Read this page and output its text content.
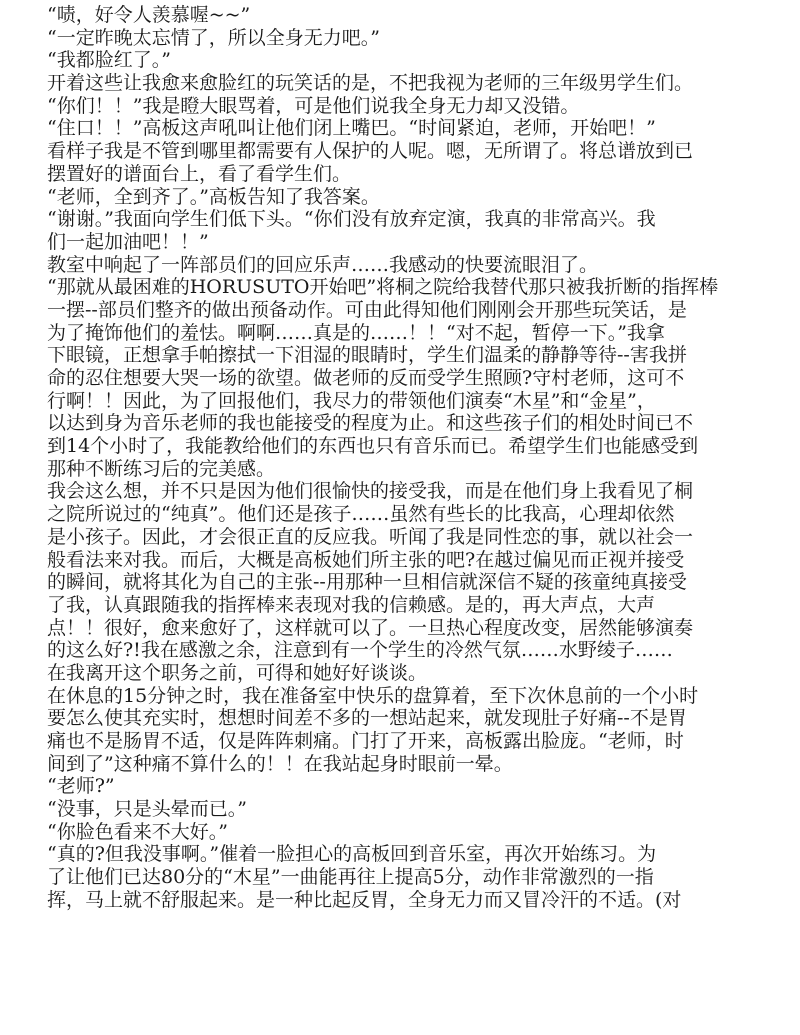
“啧，好令人羡慕喔~~”
“一定昨晚太忘情了，所以全身无力吧。”
“我都脸红了。”
开着这些让我愈来愈脸红的玩笑话的是，不把我视为老师的三年级男学生们。
“你们！！”我是瞪大眼骂着，可是他们说我全身无力却又没错。
“住口！！”高板这声吼叫让他们闭上嘴巴。“时间紧迫，老师，开始吧！”
看样子我是不管到哪里都需要有人保护的人呢。嗯，无所谓了。将总谱放到已
摆置好的谱面台上，看了看学生们。
“老师，全到齐了。”高板告知了我答案。
“谢谢。”我面向学生们低下头。“你们没有放弃定演，我真的非常高兴。我
们一起加油吧！！”
教室中响起了一阵部员们的回应乐声……我感动的快要流眼泪了。
“那就从最困难的HORUSUTO开始吧”将桐之院给我替代那只被我折断的指挥棒
一摆--部员们整齐的做出预备动作。可由此得知他们刚刚会开那些玩笑话，是
为了掩饰他们的羞怯。啊啊……真是的……！！“对不起，暂停一下。”我拿
下眼镜，正想拿手帕擦拭一下泪湿的眼睛时，学生们温柔的静静等待--害我拼
命的忍住想要大哭一场的欲望。做老师的反而受学生照顾?守村老师，这可不
行啊！！因此，为了回报他们，我尽力的带领他们演奏“木星”和“金星”，
以达到身为音乐老师的我也能接受的程度为止。和这些孩子们的相处时间已不
到14个小时了，我能教给他们的东西也只有音乐而已。希望学生们也能感受到
那种不断练习后的完美感。
我会这么想，并不只是因为他们很愉快的接受我，而是在他们身上我看见了桐
之院所说过的“纯真”。他们还是孩子……虽然有些长的比我高，心理却依然
是小孩子。因此，才会很正直的反应我。听闻了我是同性恋的事，就以社会一
般看法来对我。而后，大概是高板她们所主张的吧?在越过偏见而正视并接受
的瞬间，就将其化为自己的主张--用那种一旦相信就深信不疑的孩童纯真接受
了我，认真跟随我的指挥棒来表现对我的信赖感。是的，再大声点，大声
点！！很好，愈来愈好了，这样就可以了。一旦热心程度改变，居然能够演奏
的这么好?!我在感激之余，注意到有一个学生的冷然气氛……水野绫子……
在我离开这个职务之前，可得和她好好谈谈。
在休息的15分钟之时，我在准备室中快乐的盘算着，至下次休息前的一个小时
要怎么使其充实时，想想时间差不多的一想站起来，就发现肚子好痛--不是胃
痛也不是肠胃不适，仅是阵阵刺痛。门打了开来，高板露出脸庞。“老师，时
间到了”这种痛不算什么的！！在我站起身时眼前一晕。
“老师?”
“没事，只是头晕而已。”
“你脸色看来不大好。”
“真的?但我没事啊。”催着一脸担心的高板回到音乐室，再次开始练习。为
了让他们已达80分的“木星”一曲能再往上提高5分，动作非常激烈的一指
挥，马上就不舒服起来。是一种比起反胃，全身无力而又冒冷汗的不适。(对
